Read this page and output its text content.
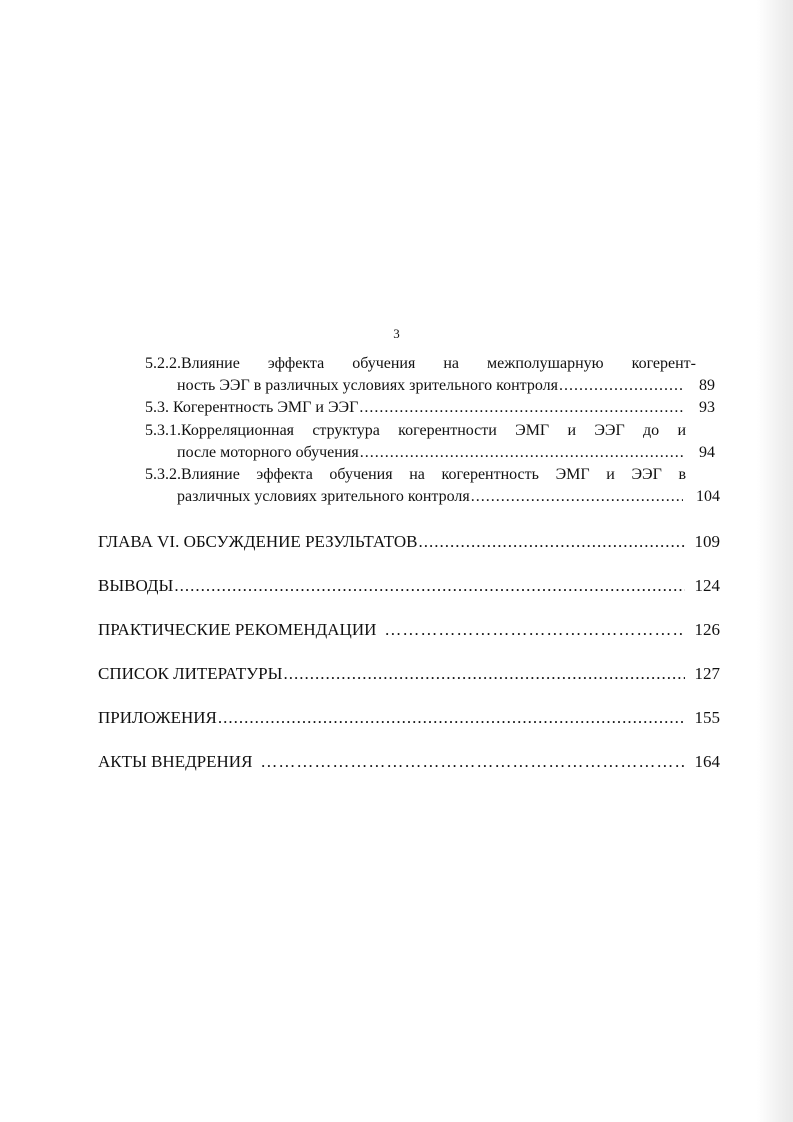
3
5.2.2.Влияние эффекта обучения на межполушарную когерент-
ность ЭЭГ в различных условиях зрительного контроля .....	89
5.3. Когерентность ЭМГ и ЭЭГ .....	93
5.3.1.Корреляционная структура когерентности ЭМГ и ЭЭГ до и
после моторного обучения .....	94
5.3.2.Влияние эффекта обучения на когерентность ЭМГ и ЭЭГ в
различных условиях зрительного контроля .....	104
ГЛАВА VI. ОБСУЖДЕНИЕ РЕЗУЛЬТАТОВ .....	109
ВЫВОДЫ .....	124
ПРАКТИЧЕСКИЕ РЕКОМЕНДАЦИИ ………………………………………………………………………………………………………………………………	126
СПИСОК ЛИТЕРАТУРЫ .....	127
ПРИЛОЖЕНИЯ .....	155
АКТЫ ВНЕДРЕНИЯ ………………………………………………………………………………………………………………………………	164
